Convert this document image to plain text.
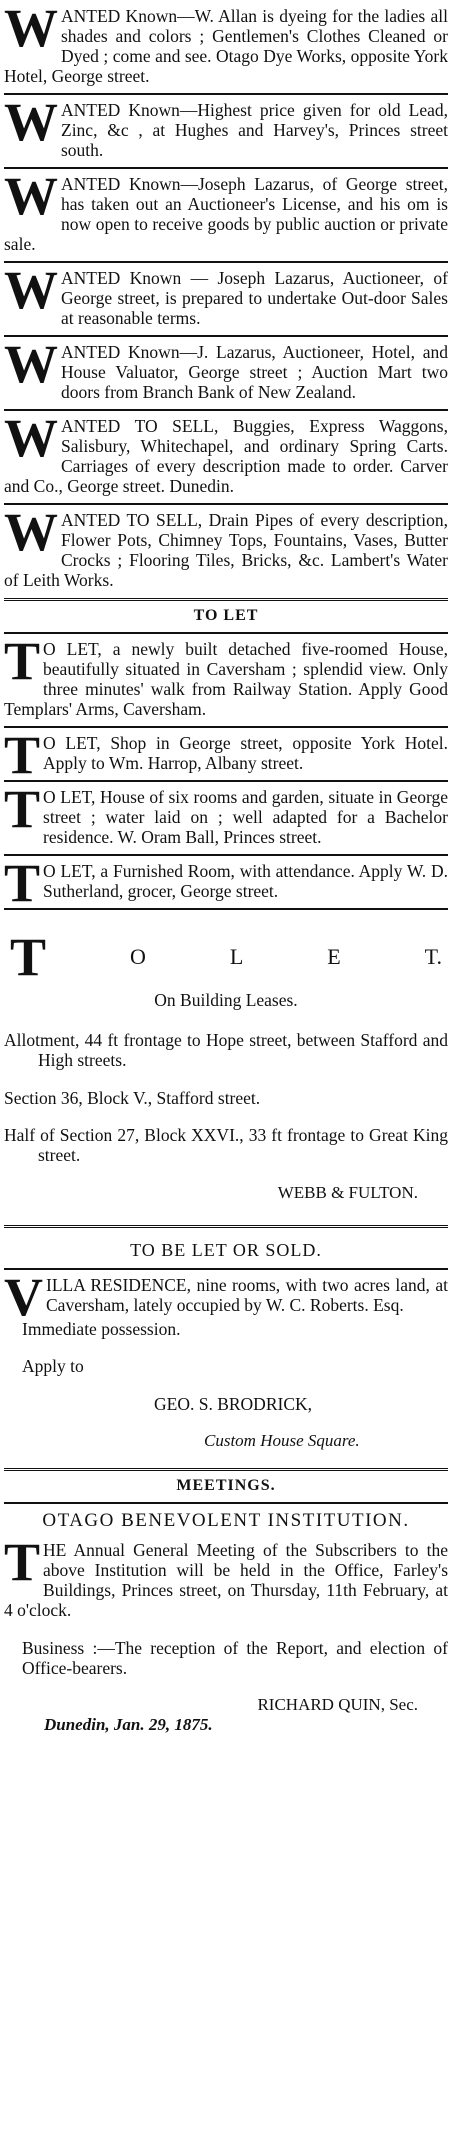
W ANTED Known—W. Allan is dyeing for the ladies all shades and colors ; Gentlemen's Clothes Cleaned or Dyed ; come and see. Otago Dye Works, opposite York Hotel, George street.

W ANTED Known—Highest price given for old Lead, Zinc, &c , at Hughes and Harvey's, Princes street south.

W ANTED Known—Joseph Lazarus, of George street, has taken out an Auctioneer's License, and his om is now open to receive goods by public auction or private sale.

W ANTED Known — Joseph Lazarus, Auctioneer, of George street, is prepared to undertake Out-door Sales at reasonable terms.

W ANTED Known—J. Lazarus, Auctioneer, Hotel, and House Valuator, George street ; Auction Mart two doors from Branch Bank of New Zealand.

W ANTED TO SELL, Buggies, Express Waggons, Salisbury, Whitechapel, and ordinary Spring Carts. Carriages of every description made to order. Carver and Co., George street. Dunedin.

W ANTED TO SELL, Drain Pipes of every description, Flower Pots, Chimney Tops, Fountains, Vases, Butter Crocks ; Flooring Tiles, Bricks, &c. Lambert's Water of Leith Works.

TO LET
T O LET, a newly built detached five-roomed House, beautifully situated in Caversham ; splendid view. Only three minutes' walk from Railway Station. Apply Good Templars' Arms, Caversham.

T O LET, Shop in George street, opposite York Hotel. Apply to Wm. Harrop, Albany street.

T O LET, House of six rooms and garden, situate in George street ; water laid on ; well adapted for a Bachelor residence. W. Oram Ball, Princes street.

T O LET, a Furnished Room, with attendance. Apply W. D. Sutherland, grocer, George street.

T	O	L	E	T.
On Building Leases.

Allotment, 44 ft frontage to Hope street, between Stafford and High streets.

Section 36, Block V., Stafford street.

Half of Section 27, Block XXVI., 33 ft frontage to Great King street.

WEBB & FULTON.

TO BE LET OR SOLD.
V ILLA RESIDENCE, nine rooms, with two acres land, at Caversham, lately occupied by W. C. Roberts. Esq.

Immediate possession.

Apply to

GEO. S. BRODRICK,

Custom House Square.

MEETINGS.
OTAGO BENEVOLENT INSTITUTION.
T HE Annual General Meeting of the Subscribers to the above Institution will be held in the Office, Farley's Buildings, Princes street, on Thursday, 11th February, at 4 o'clock.

Business :—The reception of the Report, and election of Office-bearers.

RICHARD QUIN, Sec.

Dunedin, Jan. 29, 1875.
